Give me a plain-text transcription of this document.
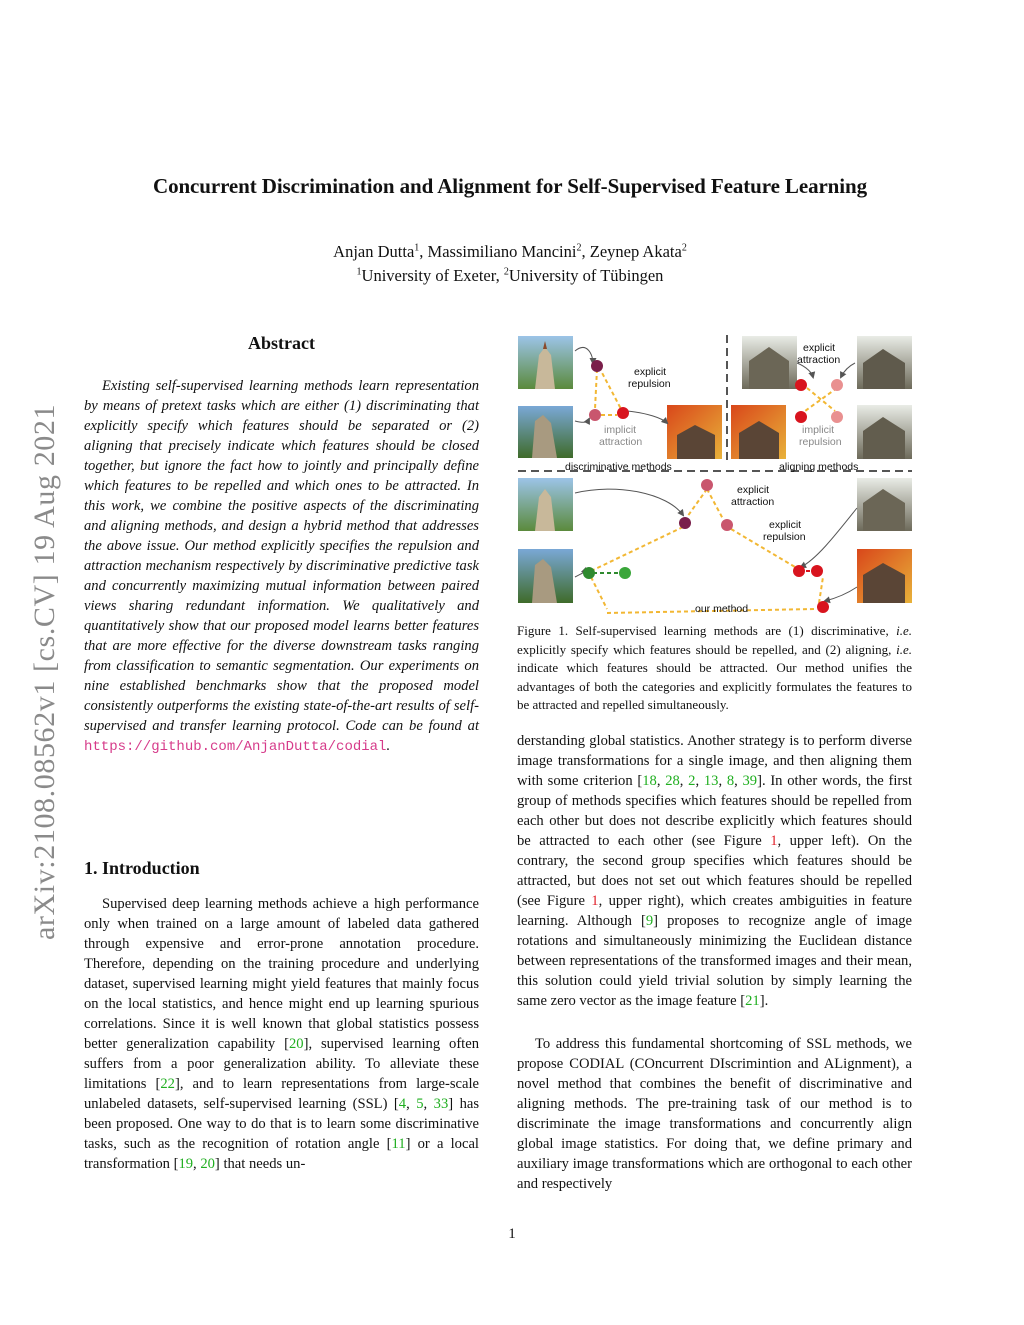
arXiv:2108.08562v1 [cs.CV] 19 Aug 2021
Concurrent Discrimination and Alignment for Self-Supervised Feature Learning
Anjan Dutta$^1$, Massimiliano Mancini$^2$, Zeynep Akata$^2$
$^1$University of Exeter, $^2$University of Tübingen
Abstract
Existing self-supervised learning methods learn representation by means of pretext tasks which are either (1) discriminating that explicitly specify which features should be separated or (2) aligning that precisely indicate which features should be closed together, but ignore the fact how to jointly and principally define which features to be repelled and which ones to be attracted. In this work, we combine the positive aspects of the discriminating and aligning methods, and design a hybrid method that addresses the above issue. Our method explicitly specifies the repulsion and attraction mechanism respectively by discriminative predictive task and concurrently maximizing mutual information between paired views sharing redundant information. We qualitatively and quantitatively show that our proposed model learns better features that are more effective for the diverse downstream tasks ranging from classification to semantic segmentation. Our experiments on nine established benchmarks show that the proposed model consistently outperforms the existing state-of-the-art results of self-supervised and transfer learning protocol. Code can be found at https://github.com/AnjanDutta/codial.
1. Introduction
Supervised deep learning methods achieve a high performance only when trained on a large amount of labeled data gathered through expensive and error-prone annotation procedure. Therefore, depending on the training procedure and underlying dataset, supervised learning might yield features that mainly focus on the local statistics, and hence might end up learning spurious correlations. Since it is well known that global statistics possess better generalization capability [20], supervised learning often suffers from a poor generalization ability. To alleviate these limitations [22], and to learn representations from large-scale unlabeled datasets, self-supervised learning (SSL) [4, 5, 33] has been proposed. One way to do that is to learn some discriminative tasks, such as the recognition of rotation angle [11] or a local transformation [19, 20] that needs un-
explicit
repulsion
implicit
attraction
discriminative methods
explicit
attraction
implicit
repulsion
aligning methods
explicit
attraction
explicit
repulsion
our method
Figure 1. Self-supervised learning methods are (1) discriminative, i.e. explicitly specify which features should be repelled, and (2) aligning, i.e. indicate which features should be attracted. Our method unifies the advantages of both the categories and explicitly formulates the features to be attracted and repelled simultaneously.
derstanding global statistics. Another strategy is to perform diverse image transformations for a single image, and then aligning them with some criterion [18, 28, 2, 13, 8, 39]. In other words, the first group of methods specifies which features should be repelled from each other but does not describe explicitly which features should be attracted to each other (see Figure 1, upper left). On the contrary, the second group specifies which features should be attracted, but does not set out which features should be repelled (see Figure 1, upper right), which creates ambiguities in feature learning. Although [9] proposes to recognize angle of image rotations and simultaneously minimizing the Euclidean distance between representations of the transformed images and their mean, this solution could yield trivial solution by simply learning the same zero vector as the image feature [21].
To address this fundamental shortcoming of SSL methods, we propose CODIAL (COncurrent DIscrimintion and ALignment), a novel method that combines the benefit of discriminative and aligning methods. The pre-training task of our method is to discriminate the image transformations and concurrently align global image statistics. For doing that, we define primary and auxiliary image transformations which are orthogonal to each other and respectively
1
